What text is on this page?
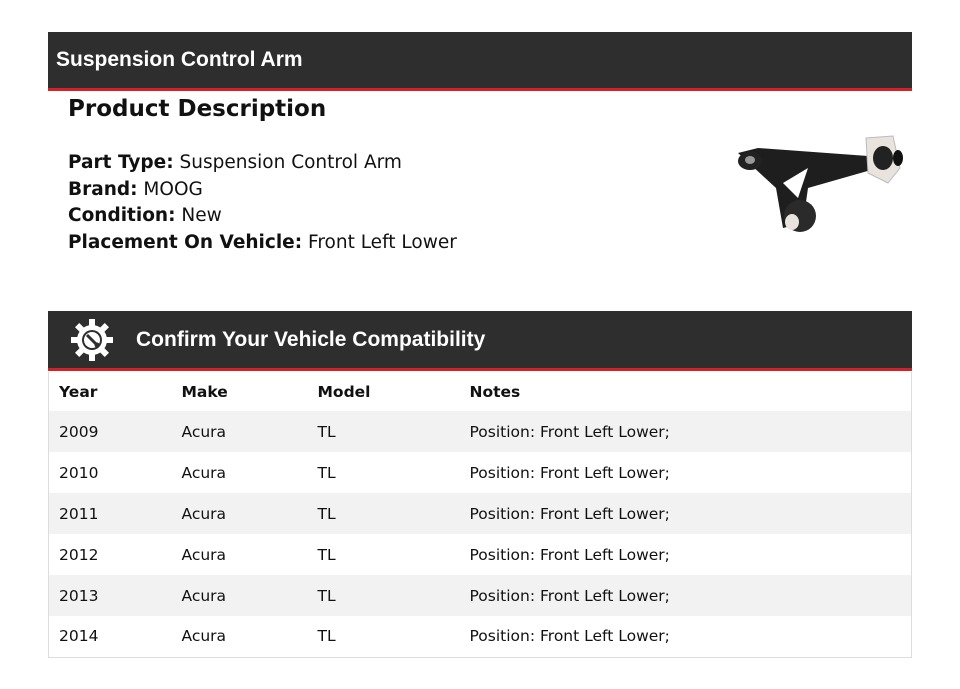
Suspension Control Arm
Product Description
Part Type: Suspension Control Arm
Brand: MOOG
Condition: New
Placement On Vehicle: Front Left Lower
Confirm Your Vehicle Compatibility
Year	Make	Model	Notes
2009	Acura	TL	Position: Front Left Lower;
2010	Acura	TL	Position: Front Left Lower;
2011	Acura	TL	Position: Front Left Lower;
2012	Acura	TL	Position: Front Left Lower;
2013	Acura	TL	Position: Front Left Lower;
2014	Acura	TL	Position: Front Left Lower;
